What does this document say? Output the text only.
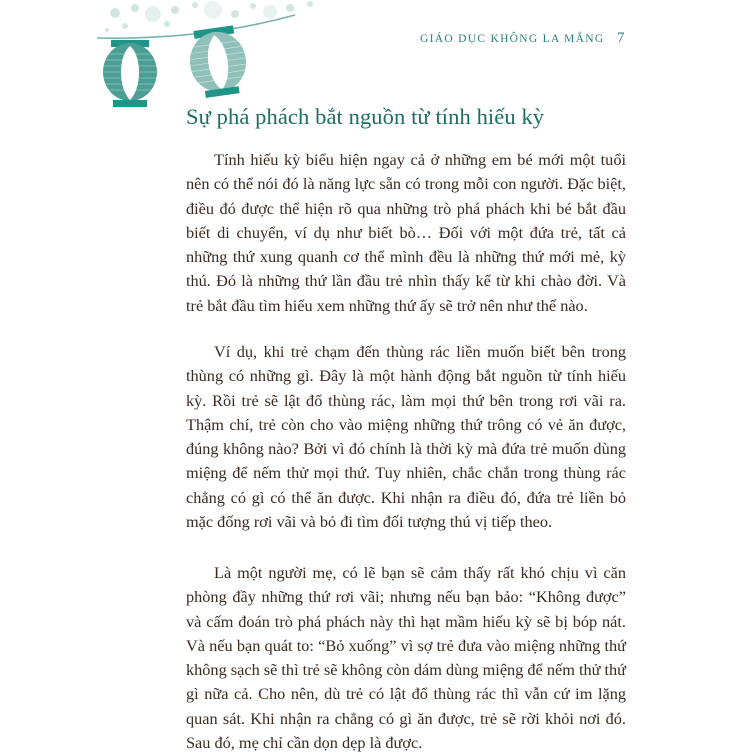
GIÁO DỤC KHÔNG LA MẮNG 7
Sự phá phách bắt nguồn từ tính hiếu kỳ

Tính hiếu kỳ biểu hiện ngay cả ở những em bé mới một tuổi nên có thể nói đó là năng lực sẵn có trong mỗi con người. Đặc biệt, điều đó được thể hiện rõ qua những trò phá phách khi bé bắt đầu biết di chuyển, ví dụ như biết bò… Đối với một đứa trẻ, tất cả những thứ xung quanh cơ thể mình đều là những thứ mới mẻ, kỳ thú. Đó là những thứ lần đầu trẻ nhìn thấy kể từ khi chào đời. Và trẻ bắt đầu tìm hiểu xem những thứ ấy sẽ trở nên như thế nào.

Ví dụ, khi trẻ chạm đến thùng rác liền muốn biết bên trong thùng có những gì. Đây là một hành động bắt nguồn từ tính hiếu kỳ. Rồi trẻ sẽ lật đổ thùng rác, làm mọi thứ bên trong rơi vãi ra. Thậm chí, trẻ còn cho vào miệng những thứ trông có vẻ ăn được, đúng không nào? Bởi vì đó chính là thời kỳ mà đứa trẻ muốn dùng miệng để nếm thử mọi thứ. Tuy nhiên, chắc chắn trong thùng rác chẳng có gì có thể ăn được. Khi nhận ra điều đó, đứa trẻ liền bỏ mặc đống rơi vãi và bỏ đi tìm đối tượng thú vị tiếp theo.

Là một người mẹ, có lẽ bạn sẽ cảm thấy rất khó chịu vì căn phòng đầy những thứ rơi vãi; nhưng nếu bạn bảo: “Không được” và cấm đoán trò phá phách này thì hạt mầm hiếu kỳ sẽ bị bóp nát. Và nếu bạn quát to: “Bỏ xuống” vì sợ trẻ đưa vào miệng những thứ không sạch sẽ thì trẻ sẽ không còn dám dùng miệng để nếm thử thứ gì nữa cả. Cho nên, dù trẻ có lật đổ thùng rác thì vẫn cứ im lặng quan sát. Khi nhận ra chẳng có gì ăn được, trẻ sẽ rời khỏi nơi đó. Sau đó, mẹ chỉ cần dọn dẹp là được.
